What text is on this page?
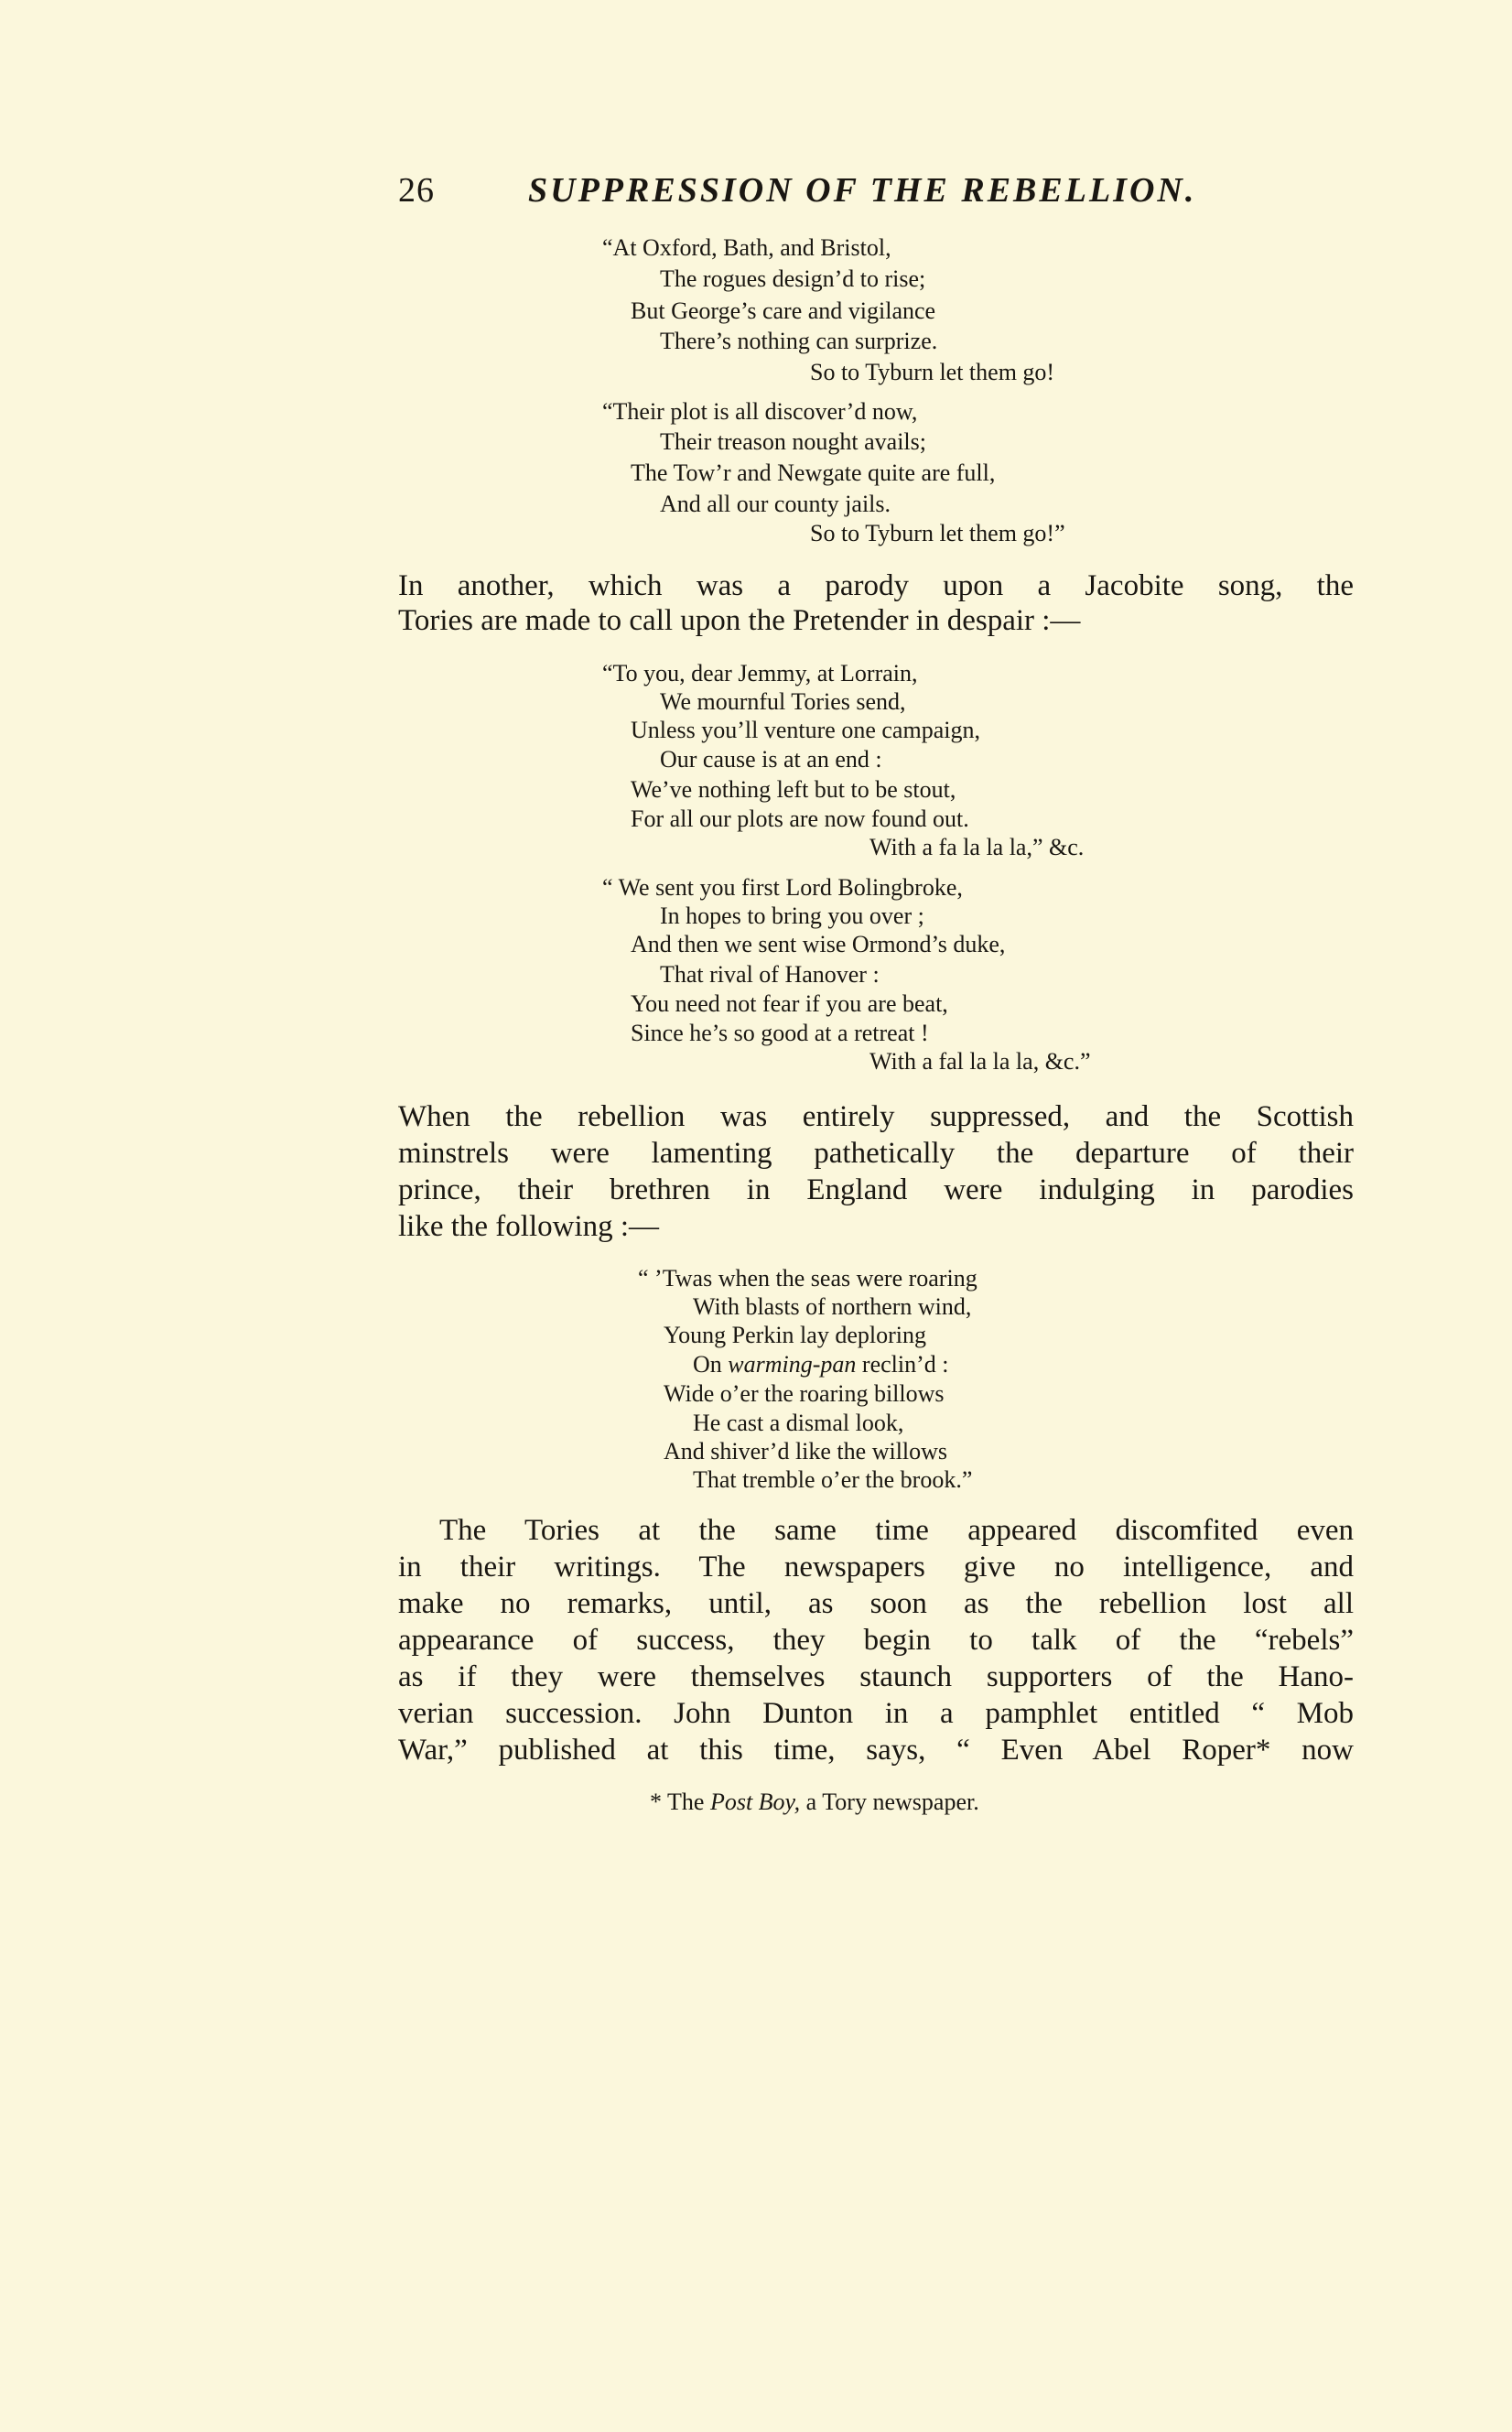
26	SUPPRESSION OF THE REBELLION.
“At Oxford, Bath, and Bristol,
The rogues design’d to rise;
But George’s care and vigilance
There’s nothing can surprize.
So to Tyburn let them go!
“Their plot is all discover’d now,
Their treason nought avails;
The Tow’r and Newgate quite are full,
And all our county jails.
So to Tyburn let them go!”
In another, which was a parody upon a Jacobite song, the
Tories are made to call upon the Pretender in despair :—
“To you, dear Jemmy, at Lorrain,
We mournful Tories send,
Unless you’ll venture one campaign,
Our cause is at an end :
We’ve nothing left but to be stout,
For all our plots are now found out.
With a fa la la la,” &c.
“ We sent you first Lord Bolingbroke,
In hopes to bring you over ;
And then we sent wise Ormond’s duke,
That rival of Hanover :
You need not fear if you are beat,
Since he’s so good at a retreat !
With a fal la la la, &c.”
When the rebellion was entirely suppressed, and the Scottish
minstrels were lamenting pathetically the departure of their
prince, their brethren in England were indulging in parodies
like the following :—
“ ’Twas when the seas were roaring
With blasts of northern wind,
Young Perkin lay deploring
On warming-pan reclin’d :
Wide o’er the roaring billows
He cast a dismal look,
And shiver’d like the willows
That tremble o’er the brook.”
The Tories at the same time appeared discomfited even
in their writings. The newspapers give no intelligence, and
make no remarks, until, as soon as the rebellion lost all
appearance of success, they begin to talk of the “rebels”
as if they were themselves staunch supporters of the Hano-
verian succession. John Dunton in a pamphlet entitled “ Mob
War,” published at this time, says, “ Even Abel Roper* now
* The Post Boy, a Tory newspaper.
